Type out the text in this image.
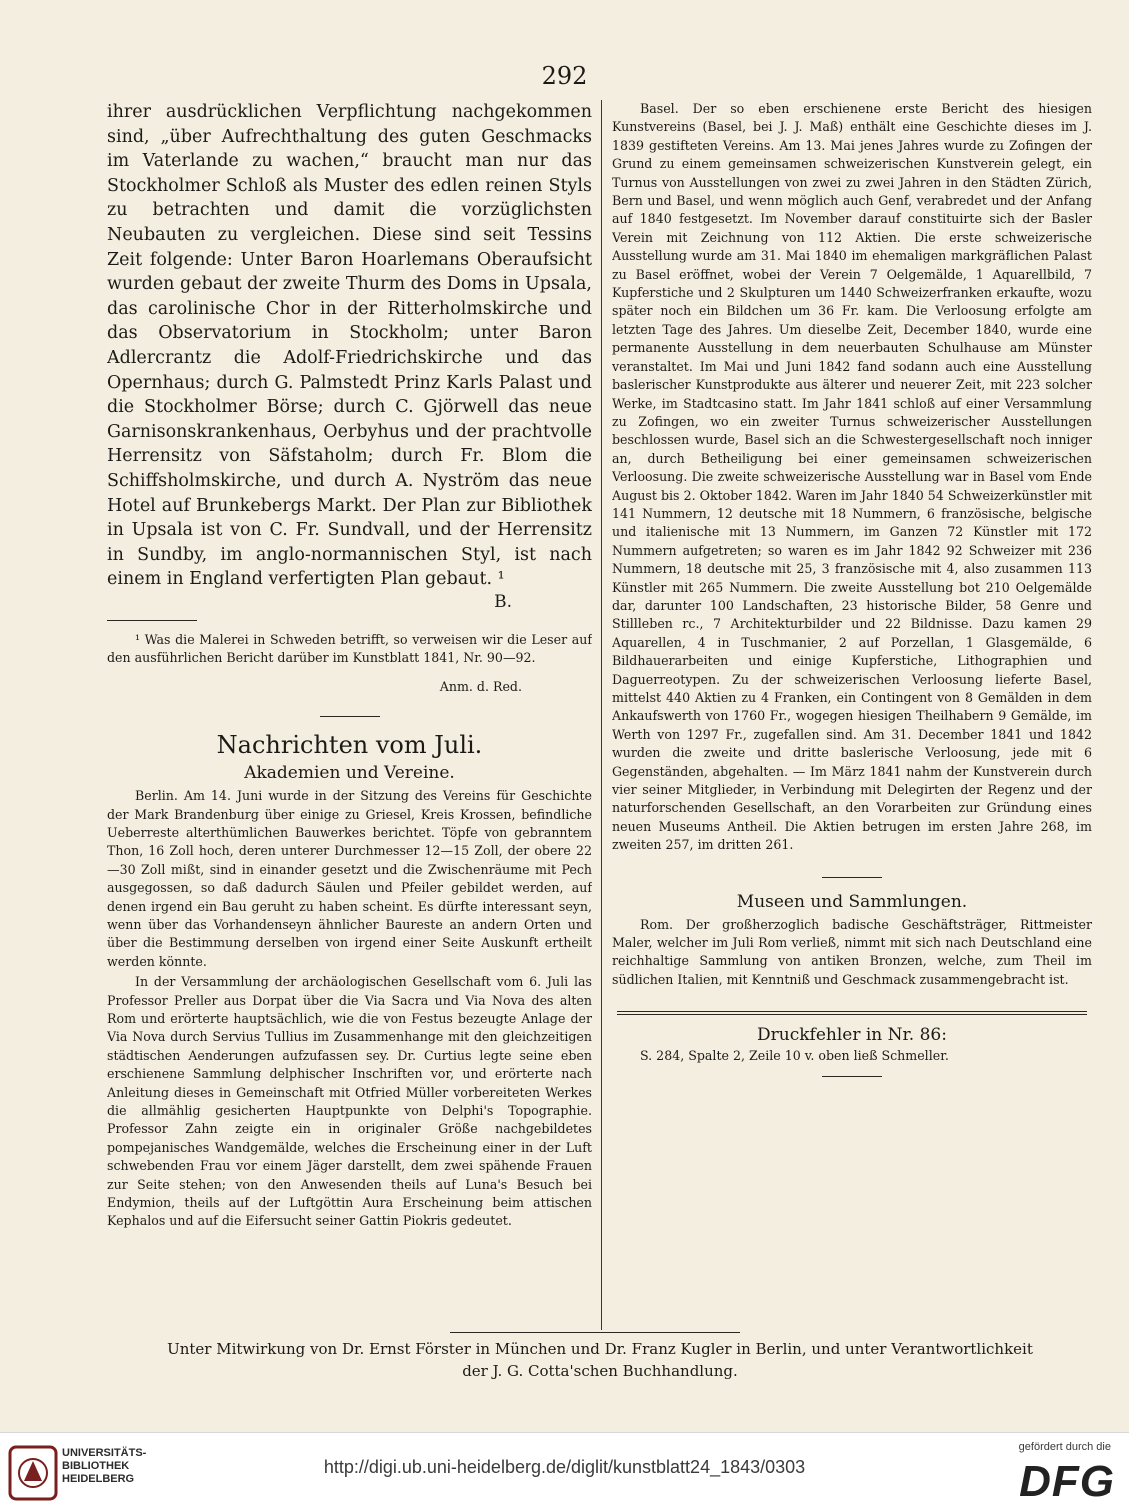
292

ihrer ausdrücklichen Verpflichtung nachgekommen sind, „über Aufrechthaltung des guten Geschmacks im Vaterlande zu wachen,“ braucht man nur das Stockholmer Schloß als Muster des edlen reinen Styls zu betrachten und damit die vorzüglichsten Neubauten zu vergleichen. Diese sind seit Tessins Zeit folgende: Unter Baron Hoarlemans Oberaufsicht wurden gebaut der zweite Thurm des Doms in Upsala, das carolinische Chor in der Ritterholmskirche und das Observatorium in Stockholm; unter Baron Adlercrantz die Adolf-Friedrichskirche und das Opernhaus; durch G. Palmstedt Prinz Karls Palast und die Stockholmer Börse; durch C. Gjörwell das neue Garnisonskrankenhaus, Oerbyhus und der prachtvolle Herrensitz von Säfstaholm; durch Fr. Blom die Schiffsholmskirche, und durch A. Nyström das neue Hotel auf Brunkebergs Markt. Der Plan zur Bibliothek in Upsala ist von C. Fr. Sundvall, und der Herrensitz in Sundby, im anglo-normannischen Styl, ist nach einem in England verfertigten Plan gebaut. ¹

B.

¹ Was die Malerei in Schweden betrifft, so verweisen wir die Leser auf den ausführlichen Bericht darüber im Kunstblatt 1841, Nr. 90—92.

Anm. d. Red.

Nachrichten vom Juli.
Akademien und Vereine.

Berlin. Am 14. Juni wurde in der Sitzung des Vereins für Geschichte der Mark Brandenburg über einige zu Griesel, Kreis Krossen, befindliche Ueberreste alterthümlichen Bauwerkes berichtet. Töpfe von gebranntem Thon, 16 Zoll hoch, deren unterer Durchmesser 12—15 Zoll, der obere 22—30 Zoll mißt, sind in einander gesetzt und die Zwischenräume mit Pech ausgegossen, so daß dadurch Säulen und Pfeiler gebildet werden, auf denen irgend ein Bau geruht zu haben scheint. Es dürfte interessant seyn, wenn über das Vorhandenseyn ähnlicher Baureste an andern Orten und über die Bestimmung derselben von irgend einer Seite Auskunft ertheilt werden könnte.

In der Versammlung der archäologischen Gesellschaft vom 6. Juli las Professor Preller aus Dorpat über die Via Sacra und Via Nova des alten Rom und erörterte hauptsächlich, wie die von Festus bezeugte Anlage der Via Nova durch Servius Tullius im Zusammenhange mit den gleichzeitigen städtischen Aenderungen aufzufassen sey. Dr. Curtius legte seine eben erschienene Sammlung delphischer Inschriften vor, und erörterte nach Anleitung dieses in Gemeinschaft mit Otfried Müller vorbereiteten Werkes die allmählig gesicherten Hauptpunkte von Delphi's Topographie. Professor Zahn zeigte ein in originaler Größe nachgebildetes pompejanisches Wandgemälde, welches die Erscheinung einer in der Luft schwebenden Frau vor einem Jäger darstellt, dem zwei spähende Frauen zur Seite stehen; von den Anwesenden theils auf Luna's Besuch bei Endymion, theils auf der Luftgöttin Aura Erscheinung beim attischen Kephalos und auf die Eifersucht seiner Gattin Piokris gedeutet.

Basel. Der so eben erschienene erste Bericht des hiesigen Kunstvereins (Basel, bei J. J. Maß) enthält eine Geschichte dieses im J. 1839 gestifteten Vereins. Am 13. Mai jenes Jahres wurde zu Zofingen der Grund zu einem gemeinsamen schweizerischen Kunstverein gelegt, ein Turnus von Ausstellungen von zwei zu zwei Jahren in den Städten Zürich, Bern und Basel, und wenn möglich auch Genf, verabredet und der Anfang auf 1840 festgesetzt. Im November darauf constituirte sich der Basler Verein mit Zeichnung von 112 Aktien. Die erste schweizerische Ausstellung wurde am 31. Mai 1840 im ehemaligen markgräflichen Palast zu Basel eröffnet, wobei der Verein 7 Oelgemälde, 1 Aquarellbild, 7 Kupferstiche und 2 Skulpturen um 1440 Schweizerfranken erkaufte, wozu später noch ein Bildchen um 36 Fr. kam. Die Verloosung erfolgte am letzten Tage des Jahres. Um dieselbe Zeit, December 1840, wurde eine permanente Ausstellung in dem neuerbauten Schulhause am Münster veranstaltet. Im Mai und Juni 1842 fand sodann auch eine Ausstellung baslerischer Kunstprodukte aus älterer und neuerer Zeit, mit 223 solcher Werke, im Stadtcasino statt. Im Jahr 1841 schloß auf einer Versammlung zu Zofingen, wo ein zweiter Turnus schweizerischer Ausstellungen beschlossen wurde, Basel sich an die Schwestergesellschaft noch inniger an, durch Betheiligung bei einer gemeinsamen schweizerischen Verloosung. Die zweite schweizerische Ausstellung war in Basel vom Ende August bis 2. Oktober 1842. Waren im Jahr 1840 54 Schweizerkünstler mit 141 Nummern, 12 deutsche mit 18 Nummern, 6 französische, belgische und italienische mit 13 Nummern, im Ganzen 72 Künstler mit 172 Nummern aufgetreten; so waren es im Jahr 1842 92 Schweizer mit 236 Nummern, 18 deutsche mit 25, 3 französische mit 4, also zusammen 113 Künstler mit 265 Nummern. Die zweite Ausstellung bot 210 Oelgemälde dar, darunter 100 Landschaften, 23 historische Bilder, 58 Genre und Stillleben rc., 7 Architekturbilder und 22 Bildnisse. Dazu kamen 29 Aquarellen, 4 in Tuschmanier, 2 auf Porzellan, 1 Glasgemälde, 6 Bildhauerarbeiten und einige Kupferstiche, Lithographien und Daguerreotypen. Zu der schweizerischen Verloosung lieferte Basel, mittelst 440 Aktien zu 4 Franken, ein Contingent von 8 Gemälden in dem Ankaufswerth von 1760 Fr., wogegen hiesigen Theilhabern 9 Gemälde, im Werth von 1297 Fr., zugefallen sind. Am 31. December 1841 und 1842 wurden die zweite und dritte baslerische Verloosung, jede mit 6 Gegenständen, abgehalten. — Im März 1841 nahm der Kunstverein durch vier seiner Mitglieder, in Verbindung mit Delegirten der Regenz und der naturforschenden Gesellschaft, an den Vorarbeiten zur Gründung eines neuen Museums Antheil. Die Aktien betrugen im ersten Jahre 268, im zweiten 257, im dritten 261.

Museen und Sammlungen.

Rom. Der großherzoglich badische Geschäftsträger, Rittmeister Maler, welcher im Juli Rom verließ, nimmt mit sich nach Deutschland eine reichhaltige Sammlung von antiken Bronzen, welche, zum Theil im südlichen Italien, mit Kenntniß und Geschmack zusammengebracht ist.

Druckfehler in Nr. 86:

S. 284, Spalte 2, Zeile 10 v. oben ließ Schmeller.

Unter Mitwirkung von Dr. Ernst Förster in München und Dr. Franz Kugler in Berlin, und unter Verantwortlichkeit
der J. G. Cotta'schen Buchhandlung.
UNIVERSITÄTS-
BIBLIOTHEK
HEIDELBERG
http://digi.ub.uni-heidelberg.de/diglit/kunstblatt24_1843/0303
gefördert durch die
DFG
